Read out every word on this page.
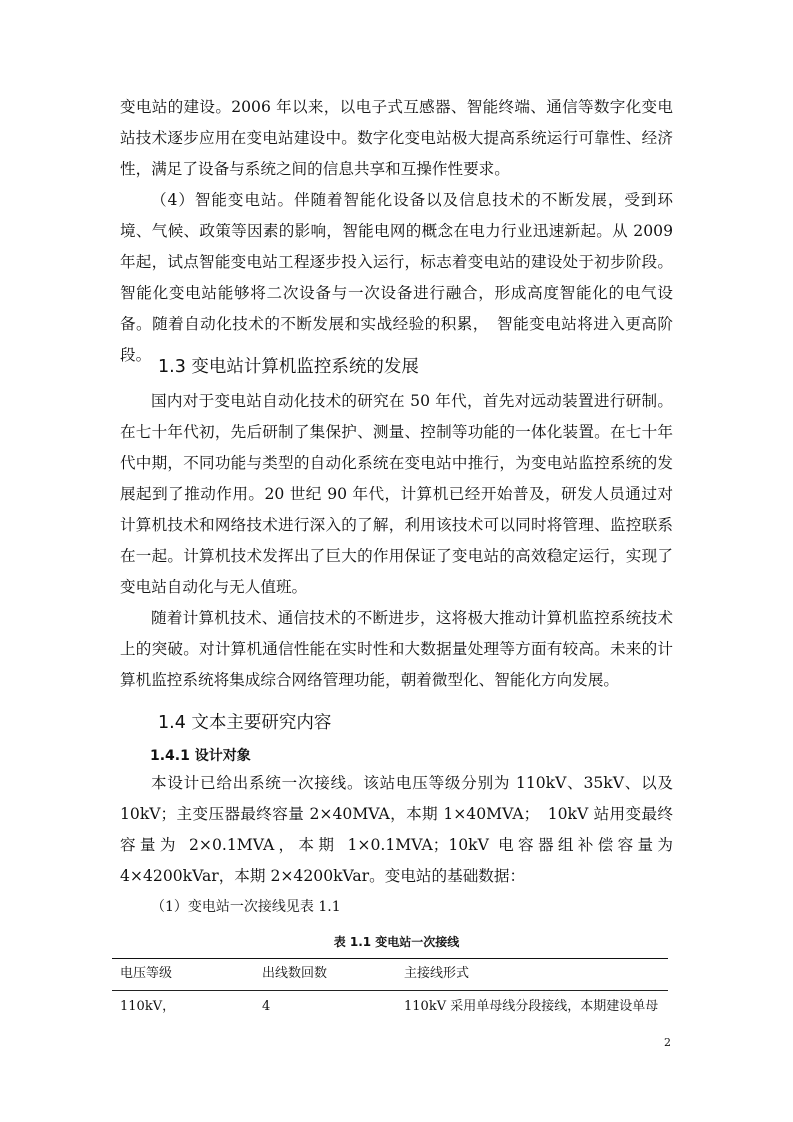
变电站的建设。2006 年以来，以电子式互感器、智能终端、通信等数字化变电站技术逐步应用在变电站建设中。数字化变电站极大提高系统运行可靠性、经济性，满足了设备与系统之间的信息共享和互操作性要求。

（4）智能变电站。伴随着智能化设备以及信息技术的不断发展，受到环境、气候、政策等因素的影响，智能电网的概念在电力行业迅速新起。从 2009 年起，试点智能变电站工程逐步投入运行，标志着变电站的建设处于初步阶段。智能化变电站能够将二次设备与一次设备进行融合，形成高度智能化的电气设备。随着自动化技术的不断发展和实战经验的积累，　智能变电站将进入更高阶段。

1.3 变电站计算机监控系统的发展

国内对于变电站自动化技术的研究在 50 年代，首先对远动装置进行研制。在七十年代初，先后研制了集保护、测量、控制等功能的一体化装置。在七十年代中期，不同功能与类型的自动化系统在变电站中推行，为变电站监控系统的发展起到了推动作用。20 世纪 90 年代，计算机已经开始普及，研发人员通过对计算机技术和网络技术进行深入的了解，利用该技术可以同时将管理、监控联系在一起。计算机技术发挥出了巨大的作用保证了变电站的高效稳定运行，实现了变电站自动化与无人值班。

随着计算机技术、通信技术的不断进步，这将极大推动计算机监控系统技术上的突破。对计算机通信性能在实时性和大数据量处理等方面有较高。未来的计算机监控系统将集成综合网络管理功能，朝着微型化、智能化方向发展。

1.4 文本主要研究内容
1.4.1 设计对象

本设计已给出系统一次接线。该站电压等级分别为 110kV、35kV、以及 10kV；主变压器最终容量 2×40MVA，本期 1×40MVA；　10kV 站用变最终容量为 2×0.1MVA，本期 1×0.1MVA；10kV 电容器组补偿容量为 4×4200kVar，本期 2×4200kVar。变电站的基础数据：

（1）变电站一次接线见表 1.1

表 1.1 变电站一次接线
电压等级	出线数回数	主接线形式
110kV，	4	110kV 采用单母线分段接线，本期建设单母
2
